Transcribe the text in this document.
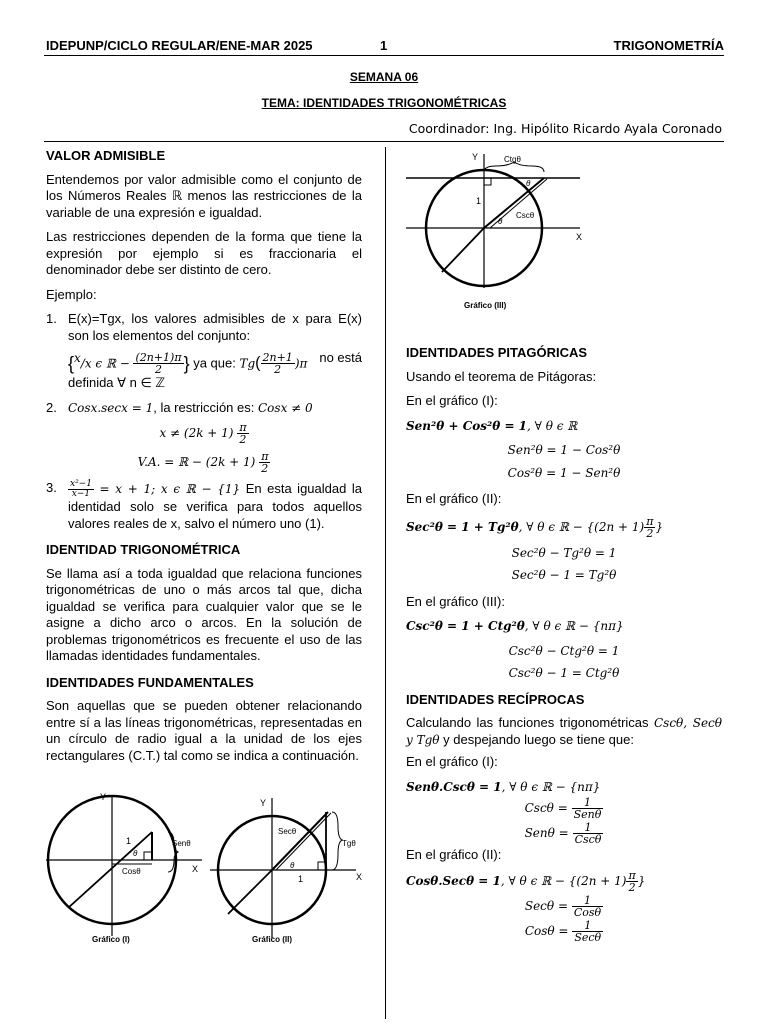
IDEPUNP/CICLO REGULAR/ENE-MAR 2025	1	TRIGONOMETRÍA
SEMANA 06
TEMA: IDENTIDADES TRIGONOMÉTRICAS
Coordinador: Ing. Hipólito Ricardo Ayala Coronado
VALOR ADMISIBLE
Entendemos por valor admisible como el conjunto de los Números Reales ℝ menos las restricciones de la variable de una expresión e igualdad.
Las restricciones dependen de la forma que tiene la expresión por ejemplo si es fraccionaria el denominador debe ser distinto de cero.
Ejemplo:
1. E(x)=Tgx, los valores admisibles de x para E(x) son los elementos del conjunto:
{$^x$/x ϵ ℝ − $\frac{(2n+1)\pi}{2}$ } ya que: $Tg( \frac{2n+1}{2} )\pi$ no está
definida ∀ n ∈ ℤ
2. Cosx.secx = 1, la restricción es: Cosx ≠ 0
$x \ne (2k + 1) \frac{\pi}{2}$
V.A. = ℝ − $(2k + 1) \frac{\pi}{2}$
3. $\frac{\text{x²−1}}{x-1} = x + 1$; x ϵ ℝ − {1} En esta igualdad la identidad solo se verifica para todos aquellos valores reales de x, salvo el número uno (1).
IDENTIDAD TRIGONOMÉTRICA
Se llama así a toda igualdad que relaciona funciones trigonométricas de uno o más arcos tal que, dicha igualdad se verifica para cualquier valor que se le asigne a dicho arco o arcos. En la solución de problemas trigonométricos es frecuente el uso de las llamadas identidades fundamentales.
IDENTIDADES FUNDAMENTALES
Son aquellas que se pueden obtener relacionando entre sí a las líneas trigonométricas, representadas en un círculo de radio igual a la unidad de los ejes rectangulares (C.T.) tal como se indica a continuación.
Y
X
1
θ
Senθ
Cosθ
Gráfico (I)
Y
X
1
θ
Secθ
Tgθ
Gráfico (II)
Y
X
1
θ
θ
Ctgθ
Cscθ
Gráfico (III)
IDENTIDADES PITAGÓRICAS
Usando el teorema de Pitágoras:
En el gráfico (I):
Sen²θ + Cos²θ = 1, ∀ θ ϵ ℝ
Sen²θ = 1 − Cos²θ
Cos²θ = 1 − Sen²θ
En el gráfico (II):
Sec²θ = 1 + Tg²θ, ∀ θ ϵ ℝ − {$(2n + 1) \frac{\pi}{2}$ }
Sec²θ − Tg²θ = 1
Sec²θ − 1 = Tg²θ
En el gráfico (III):
Csc²θ = 1 + Ctg²θ, ∀ θ ϵ ℝ − {nπ}
Csc²θ − Ctg²θ = 1
Csc²θ − 1 = Ctg²θ
IDENTIDADES RECÍPROCAS
Calculando las funciones trigonométricas Cscθ, Secθ y Tgθ y despejando luego se tiene que:
En el gráfico (I):
Senθ.Cscθ = 1, ∀ θ ϵ ℝ − {nπ}
$Csc\theta = \frac{1}{\text{Senθ}}$
$Sen\theta = \frac{1}{\text{Cscθ}}$
En el gráfico (II):
Cosθ.Secθ = 1, ∀ θ ϵ ℝ − {$(2n + 1) \frac{\pi}{2}$ }
$Sec\theta = \frac{1}{\text{Cosθ}}$
$Cos\theta = \frac{1}{\text{Secθ}}$
